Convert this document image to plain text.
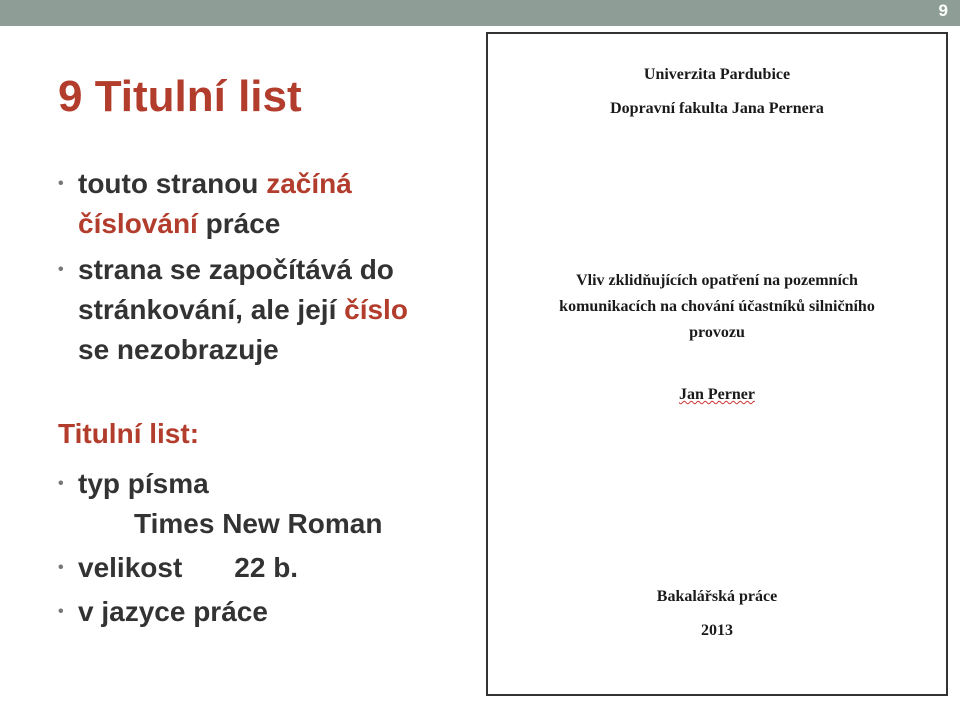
9
9 Titulní list
• touto stranou začíná
číslování práce
• strana se započítává do
stránkování, ale její číslo
se nezobrazuje
Titulní list:
• typ písma

Times New Roman
• velikost 22 b.
• v jazyce práce
Univerzita Pardubice
Dopravní fakulta Jana Pernera
Vliv zklidňujících opatření na pozemních
komunikacích na chování účastníků silničního
provozu
Jan Perner
Bakalářská práce
2013
